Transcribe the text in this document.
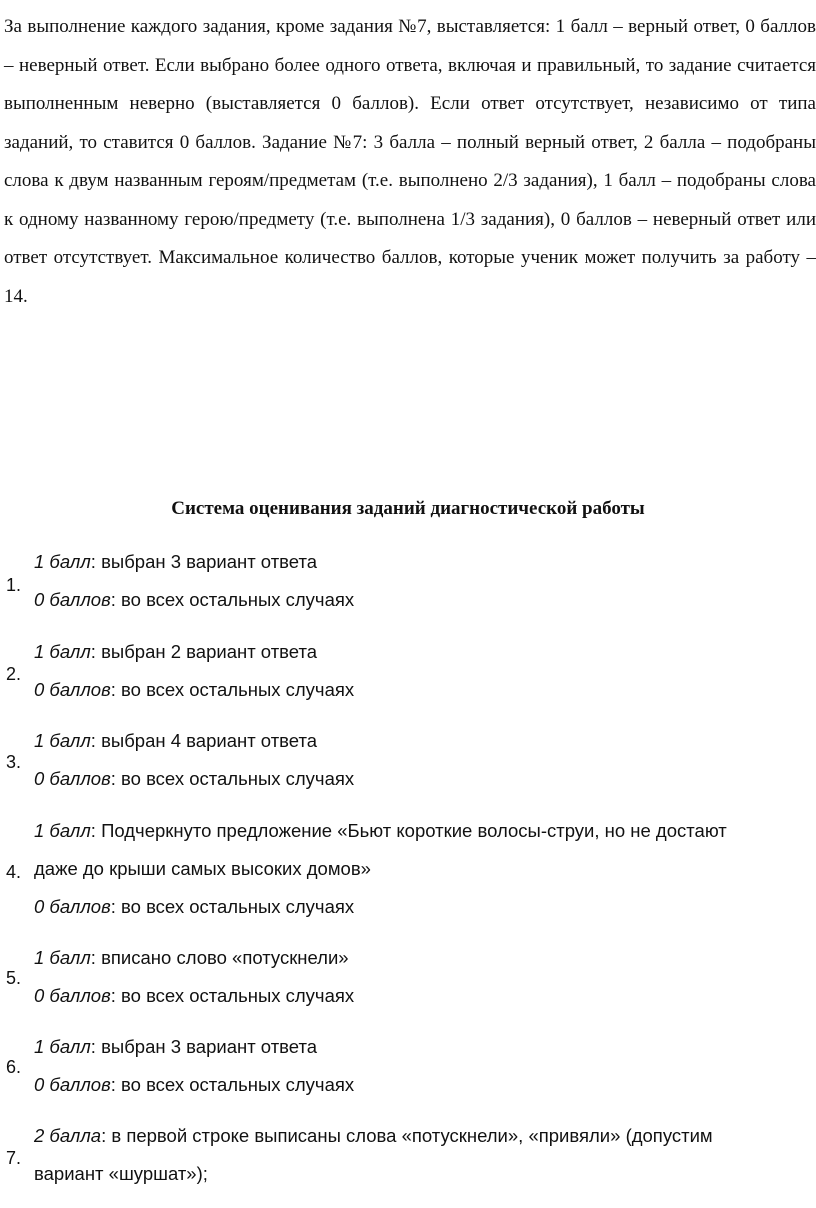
За выполнение каждого задания, кроме задания №7, выставляется: 1 балл – верный ответ, 0 баллов – неверный ответ. Если выбрано более одного ответа, включая и правильный, то задание считается выполненным неверно (выставляется 0 баллов). Если ответ отсутствует, независимо от типа заданий, то ставится 0 баллов. Задание №7: 3 балла – полный верный ответ, 2 балла – подобраны слова к двум названным героям/предметам (т.е. выполнено 2/3 задания), 1 балл – подобраны слова к одному названному герою/предмету (т.е. выполнена 1/3 задания), 0 баллов – неверный ответ или ответ отсутствует. Максимальное количество баллов, которые ученик может получить за работу – 14.

Система оценивания заданий диагностической работы
1.
1 балл: выбран 3 вариант ответа
0 баллов: во всех остальных случаях
2.
1 балл: выбран 2 вариант ответа
0 баллов: во всех остальных случаях
3.
1 балл: выбран 4 вариант ответа
0 баллов: во всех остальных случаях
4.
1 балл: Подчеркнуто предложение «Бьют короткие волосы-струи, но не достают
даже до крыши самых высоких домов»
0 баллов: во всех остальных случаях
5.
1 балл: вписано слово «потускнели»
0 баллов: во всех остальных случаях
6.
1 балл: выбран 3 вариант ответа
0 баллов: во всех остальных случаях
7.
2 балла: в первой строке выписаны слова «потускнели», «привяли» (допустим
вариант «шуршат»);
